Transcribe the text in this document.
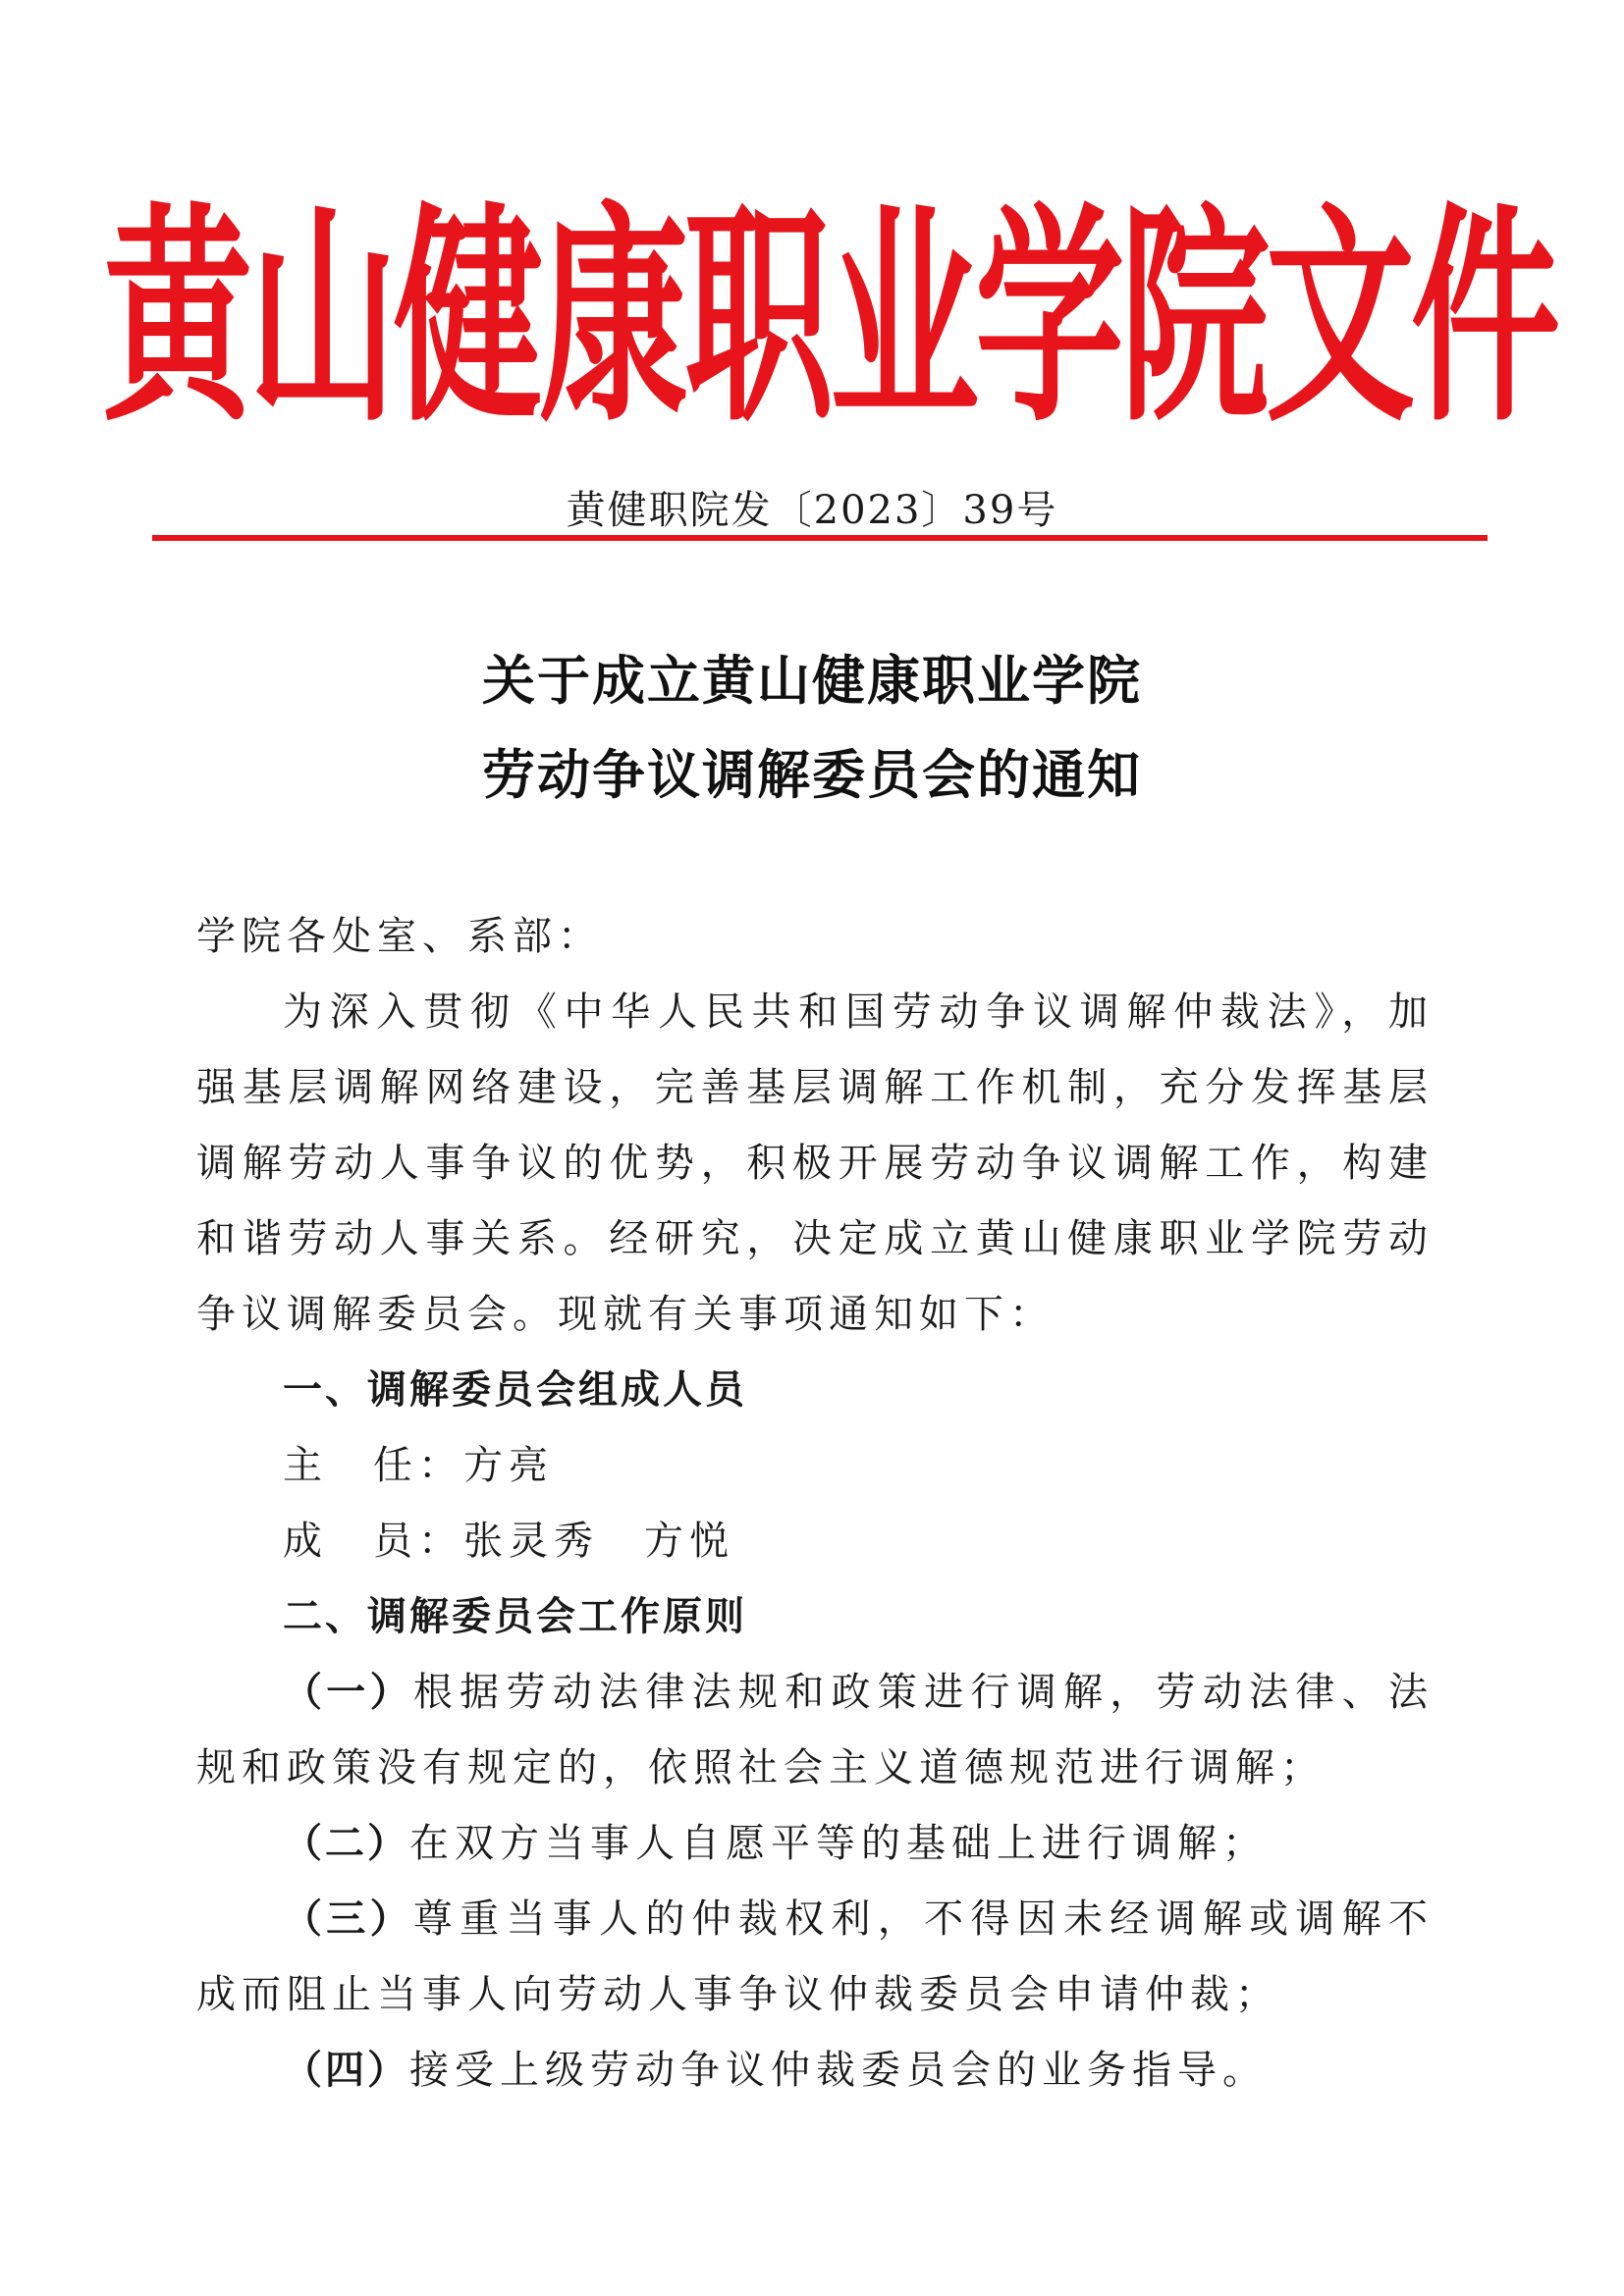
黄山健康职业学院文件
黄健职院发〔2023〕39号
关于成立黄山健康职业学院
劳动争议调解委员会的通知
学院各处室、系部：
为深入贯彻《中华人民共和国劳动争议调解仲裁法》，加强基层调解网络建设，完善基层调解工作机制，充分发挥基层调解劳动人事争议的优势，积极开展劳动争议调解工作，构建和谐劳动人事关系。经研究，决定成立黄山健康职业学院劳动争议调解委员会。现就有关事项通知如下：
一、调解委员会组成人员
主　任：方亮
成　员：张灵秀　方悦
二、调解委员会工作原则
（一）根据劳动法律法规和政策进行调解，劳动法律、法规和政策没有规定的，依照社会主义道德规范进行调解；
（二）在双方当事人自愿平等的基础上进行调解；
（三）尊重当事人的仲裁权利，不得因未经调解或调解不成而阻止当事人向劳动人事争议仲裁委员会申请仲裁；
（四）接受上级劳动争议仲裁委员会的业务指导。
